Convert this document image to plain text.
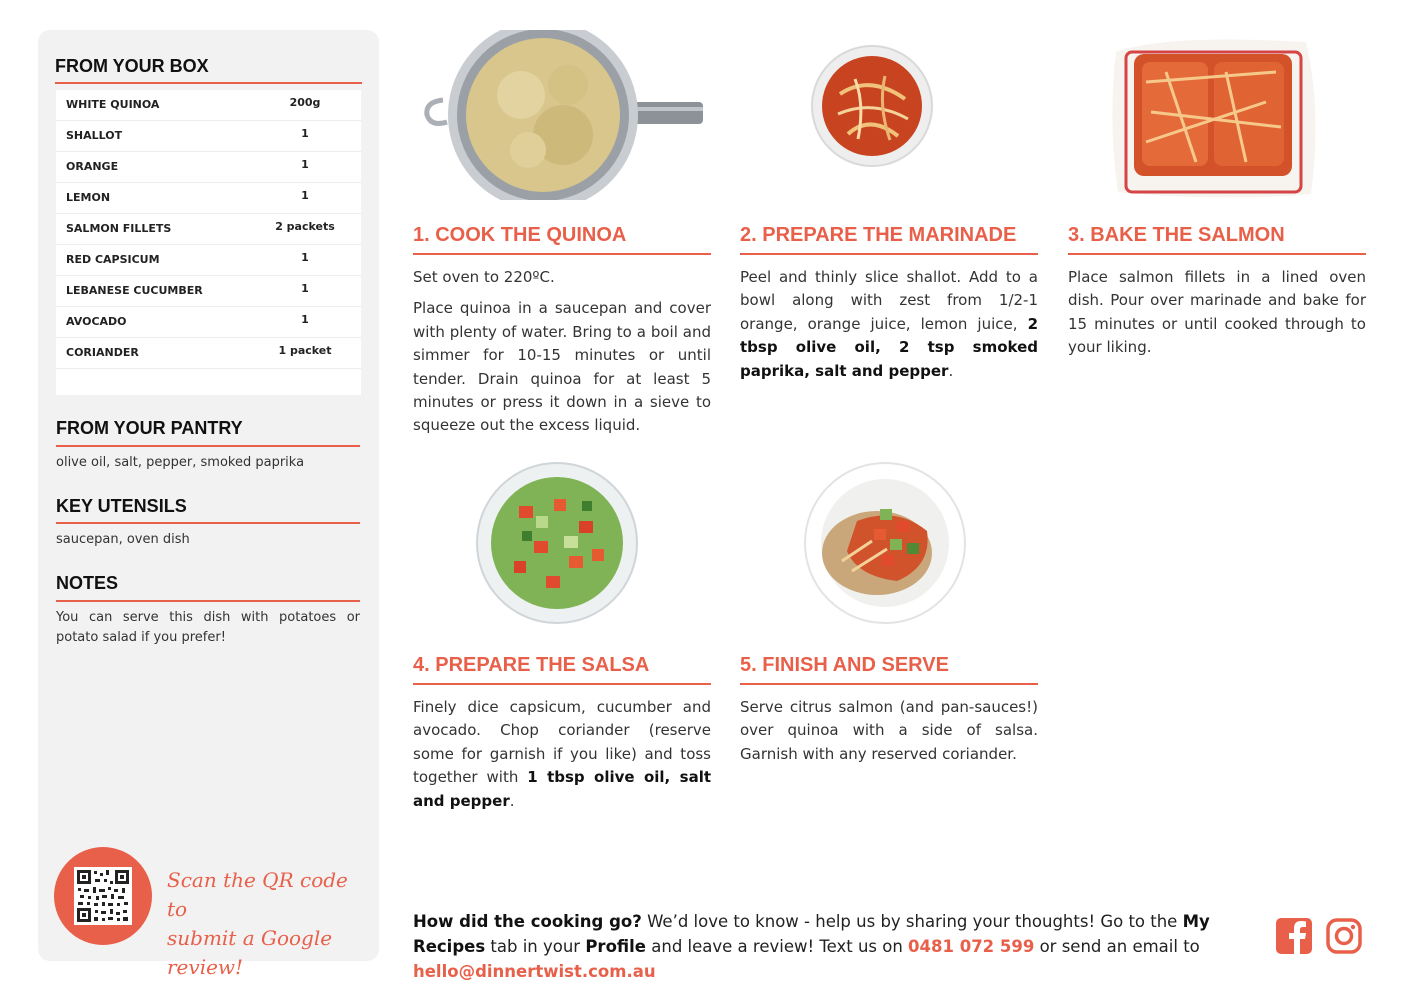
FROM YOUR BOX
WHITE QUINOA	200g
SHALLOT	1
ORANGE	1
LEMON	1
SALMON FILLETS	2 packets
RED CAPSICUM	1
LEBANESE CUCUMBER	1
AVOCADO	1
CORIANDER	1 packet
FROM YOUR PANTRY
olive oil, salt, pepper, smoked paprika
KEY UTENSILS
saucepan, oven dish
NOTES
You can serve this dish with potatoes or potato salad if you prefer!
Scan the QR code to
submit a Google review!
1. COOK THE QUINOA

Set oven to 220ºC.

Place quinoa in a saucepan and cover with plenty of water. Bring to a boil and simmer for 10-15 minutes or until tender. Drain quinoa for at least 5 minutes or press it down in a sieve to squeeze out the excess liquid.

2. PREPARE THE MARINADE

Peel and thinly slice shallot. Add to a bowl along with zest from 1/2-1 orange, orange juice, lemon juice, 2 tbsp olive oil, 2 tsp smoked paprika, salt and pepper.

3. BAKE THE SALMON

Place salmon fillets in a lined oven dish. Pour over marinade and bake for 15 minutes or until cooked through to your liking.

4. PREPARE THE SALSA

Finely dice capsicum, cucumber and avocado. Chop coriander (reserve some for garnish if you like) and toss together with 1 tbsp olive oil, salt and pepper.

5. FINISH AND SERVE

Serve citrus salmon (and pan-sauces!) over quinoa with a side of salsa. Garnish with any reserved coriander.

How did the cooking go? We’d love to know - help us by sharing your thoughts! Go to the My Recipes tab in your Profile and leave a review! Text us on 0481 072 599 or send an email to hello@dinnertwist.com.au
